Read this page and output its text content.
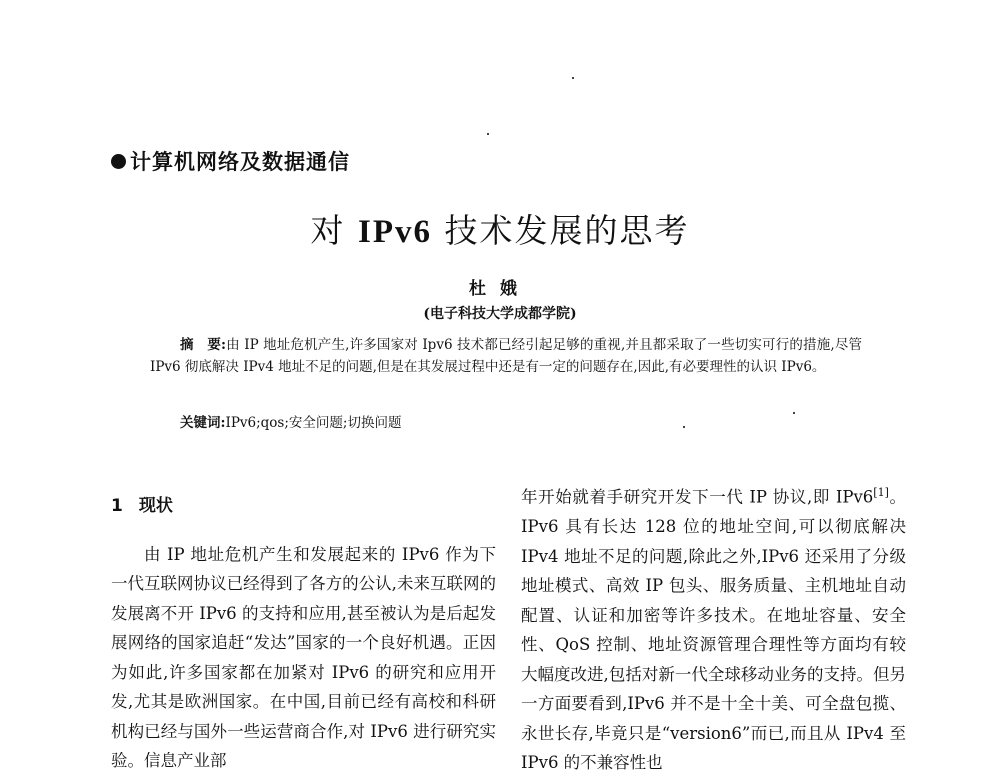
计算机网络及数据通信
对 IPv6 技术发展的思考
杜娥
(电子科技大学成都学院)
摘　要:由 IP 地址危机产生,许多国家对 Ipv6 技术都已经引起足够的重视,并且都采取了一些切实可行的措施,尽管 IPv6 彻底解决 IPv4 地址不足的问题,但是在其发展过程中还是有一定的问题存在,因此,有必要理性的认识 IPv6。
关键词:IPv6;qos;安全问题;切换问题
1 现状

由 IP 地址危机产生和发展起来的 IPv6 作为下一代互联网协议已经得到了各方的公认,未来互联网的发展离不开 IPv6 的支持和应用,甚至被认为是后起发展网络的国家追赶“发达”国家的一个良好机遇。正因为如此,许多国家都在加紧对 IPv6 的研究和应用开发,尤其是欧洲国家。在中国,目前已经有高校和科研机构已经与国外一些运营商合作,对 IPv6 进行研究实验。信息产业部

年开始就着手研究开发下一代 IP 协议,即 IPv6[1]。IPv6 具有长达 128 位的地址空间,可以彻底解决 IPv4 地址不足的问题,除此之外,IPv6 还采用了分级地址模式、高效 IP 包头、服务质量、主机地址自动配置、认证和加密等许多技术。在地址容量、安全性、QoS 控制、地址资源管理合理性等方面均有较大幅度改进,包括对新一代全球移动业务的支持。但另一方面要看到,IPv6 并不是十全十美、可全盘包揽、永世长存,毕竟只是“version6”而已,而且从 IPv4 至 IPv6 的不兼容性也
